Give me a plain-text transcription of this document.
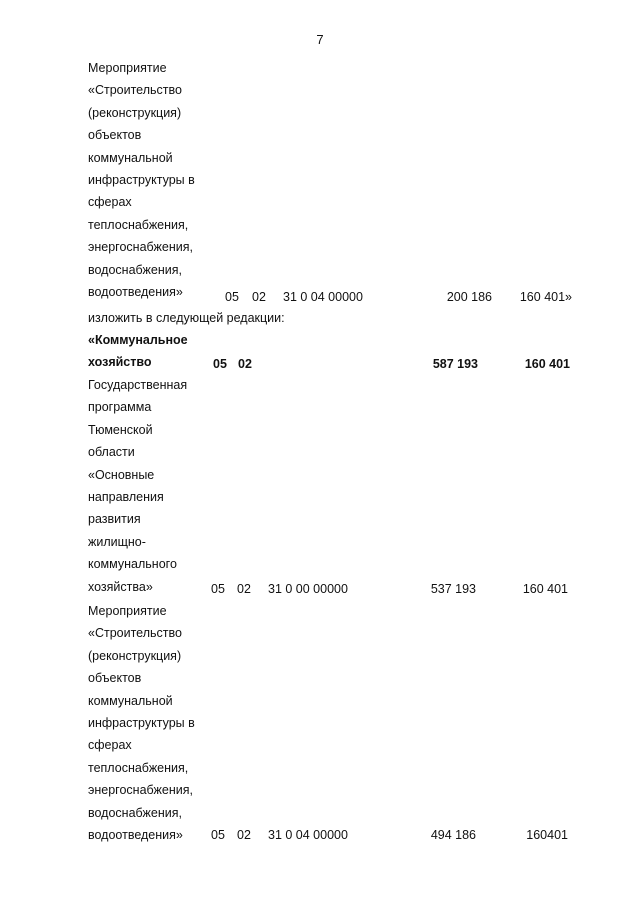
7
Мероприятие
«Строительство
(реконструкция)
объектов
коммунальной
инфраструктуры в
сферах
теплоснабжения,
энергоснабжения,
водоснабжения,
водоотведения»	05 02 31 0 04 00000	200 186	160 401»
изложить в следующей редакции:
«Коммунальное
хозяйство	05 02	587 193	160 401
Государственная
программа
Тюменской
области
«Основные
направления
развития
жилищно-
коммунального
хозяйства»	05 02 31 0 00 00000	537 193	160 401
Мероприятие
«Строительство
(реконструкция)
объектов
коммунальной
инфраструктуры в
сферах
теплоснабжения,
энергоснабжения,
водоснабжения,
водоотведения»	05 02 31 0 04 00000	494 186	160401
